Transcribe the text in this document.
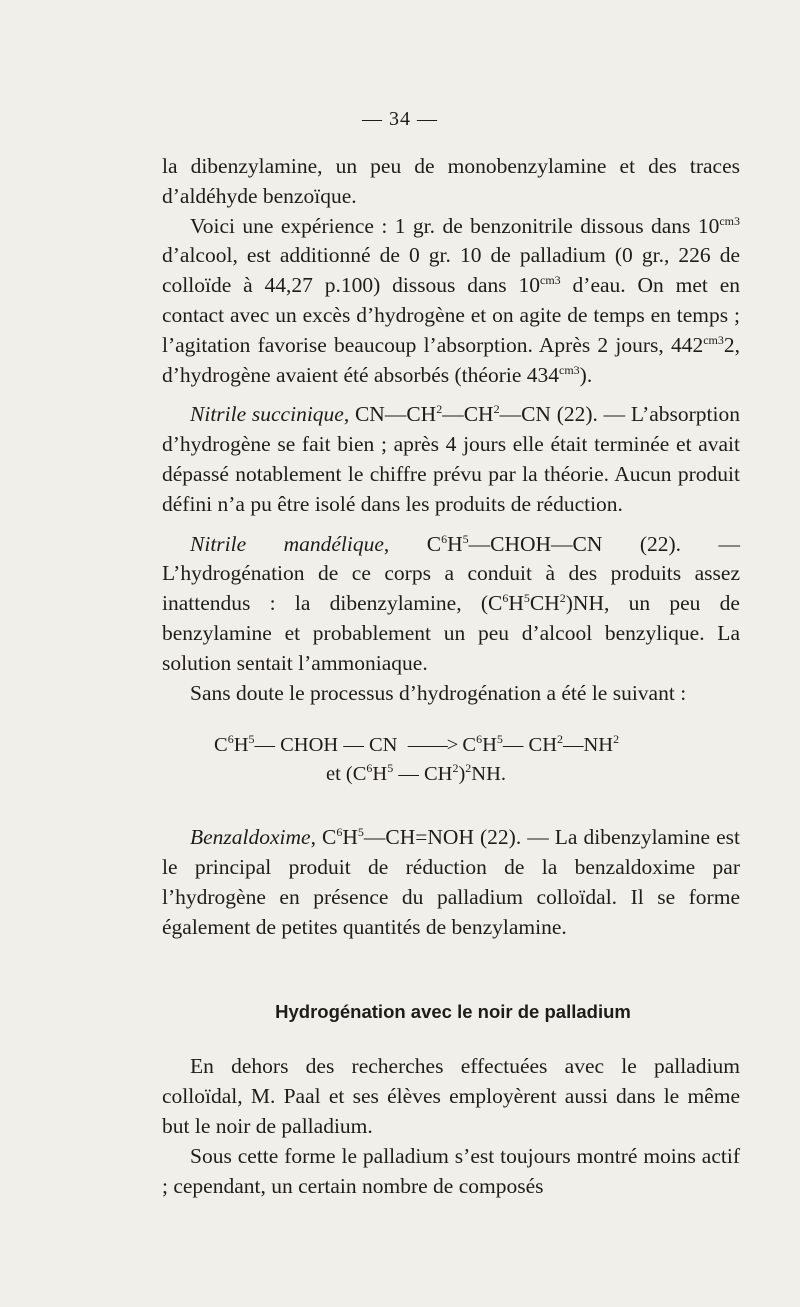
— 34 —

la dibenzylamine, un peu de monobenzylamine et des traces d’aldéhyde benzoïque.

Voici une expérience : 1 gr. de benzonitrile dissous dans $10^{cm3}$ d’alcool, est additionné de 0 gr. 10 de palladium (0 gr., 226 de colloïde à 44,27 p.100) dissous dans $10^{cm3}$ d’eau. On met en contact avec un excès d’hydrogène et on agite de temps en temps ; l’agitation favorise beaucoup l’absorption. Après 2 jours, $442^{cm3}2$, d’hydrogène avaient été absorbés (théorie $434^{cm3}$).

Nitrile succinique, $CN—CH^2—CH^2—CN$ (22). — L’absorption d’hydrogène se fait bien ; après 4 jours elle était terminée et avait dépassé notablement le chiffre prévu par la théorie. Aucun produit défini n’a pu être isolé dans les produits de réduction.

Nitrile mandélique, $C^6H^5—CHOH—CN$ (22). — L’hydrogénation de ce corps a conduit à des produits assez inattendus : la dibenzylamine, $(C^6H^5CH^2)NH$, un peu de benzylamine et probablement un peu d’alcool benzylique. La solution sentait l’ammoniaque.

Sans doute le processus d’hydrogénation a été le suivant :

$C^6H^5—$ CHOH — CN ——> $C^6H^5—$ $CH^2—NH^2$
et ($C^6H^5$ — $CH^2)^2NH$.

Benzaldoxime, $C^6H^5—CH=NOH$ (22). — La dibenzylamine est le principal produit de réduction de la benzaldoxime par l’hydrogène en présence du palladium colloïdal. Il se forme également de petites quantités de benzylamine.

Hydrogénation avec le noir de palladium

En dehors des recherches effectuées avec le palladium colloïdal, M. Paal et ses élèves employèrent aussi dans le même but le noir de palladium.

Sous cette forme le palladium s’est toujours montré moins actif ; cependant, un certain nombre de composés
